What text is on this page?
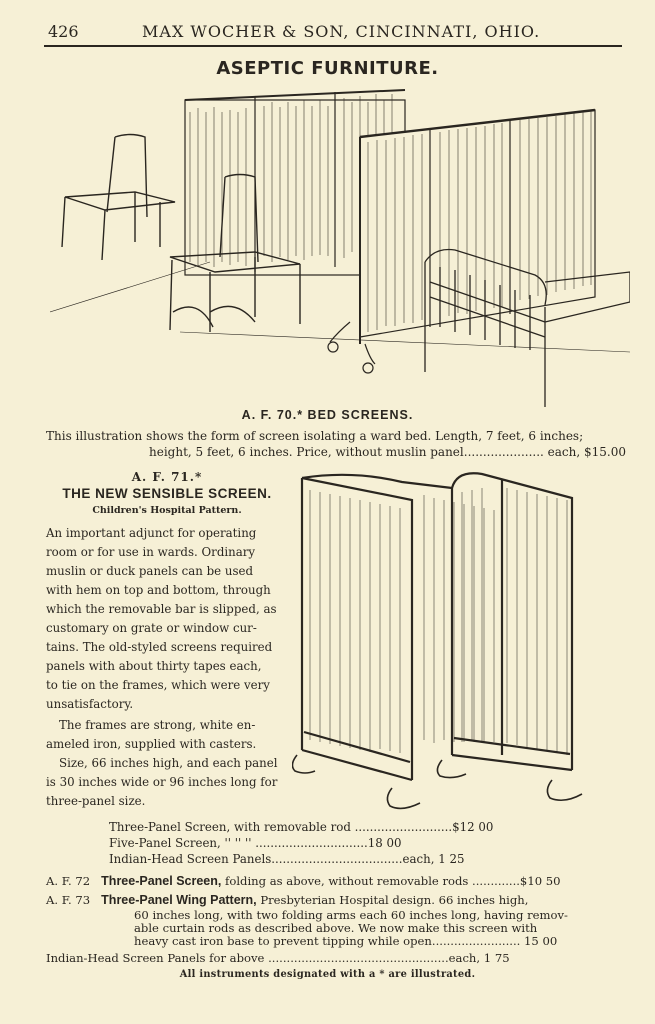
426	MAX WOCHER & SON, CINCINNATI, OHIO.
ASEPTIC FURNITURE.
A. F. 70.* BED SCREENS.
This illustration shows the form of screen isolating a ward bed. Length, 7 feet, 6 inches;
height, 5 feet, 6 inches. Price, without muslin panel..................... each, $15.00
A. F. 71.*
THE NEW SENSIBLE SCREEN.
Children's Hospital Pattern.
An important adjunct for operating
room or for use in wards. Ordinary
muslin or duck panels can be used
with hem on top and bottom, through
which the removable bar is slipped, as
customary on grate or window cur-
tains. The old-styled screens required
panels with about thirty tapes each,
to tie on the frames, which were very
unsatisfactory.
The frames are strong, white en-
ameled iron, supplied with casters.
Size, 66 inches high, and each panel
is 30 inches wide or 96 inches long for
three-panel size.
Three-Panel Screen, with removable rod ..........................$12 00
Five-Panel Screen, '' '' '' ..............................18 00
Indian-Head Screen Panels...................................each, 1 25
A. F. 72 Three-Panel Screen, folding as above, without removable rods .............$10 50
A. F. 73 Three-Panel Wing Pattern, Presbyterian Hospital design. 66 inches high,
60 inches long, with two folding arms each 60 inches long, having remov-
able curtain rods as described above. We now make this screen with
heavy cast iron base to prevent tipping while open........................ 15 00
Indian-Head Screen Panels for above .................................................each, 1 75
All instruments designated with a * are illustrated.
